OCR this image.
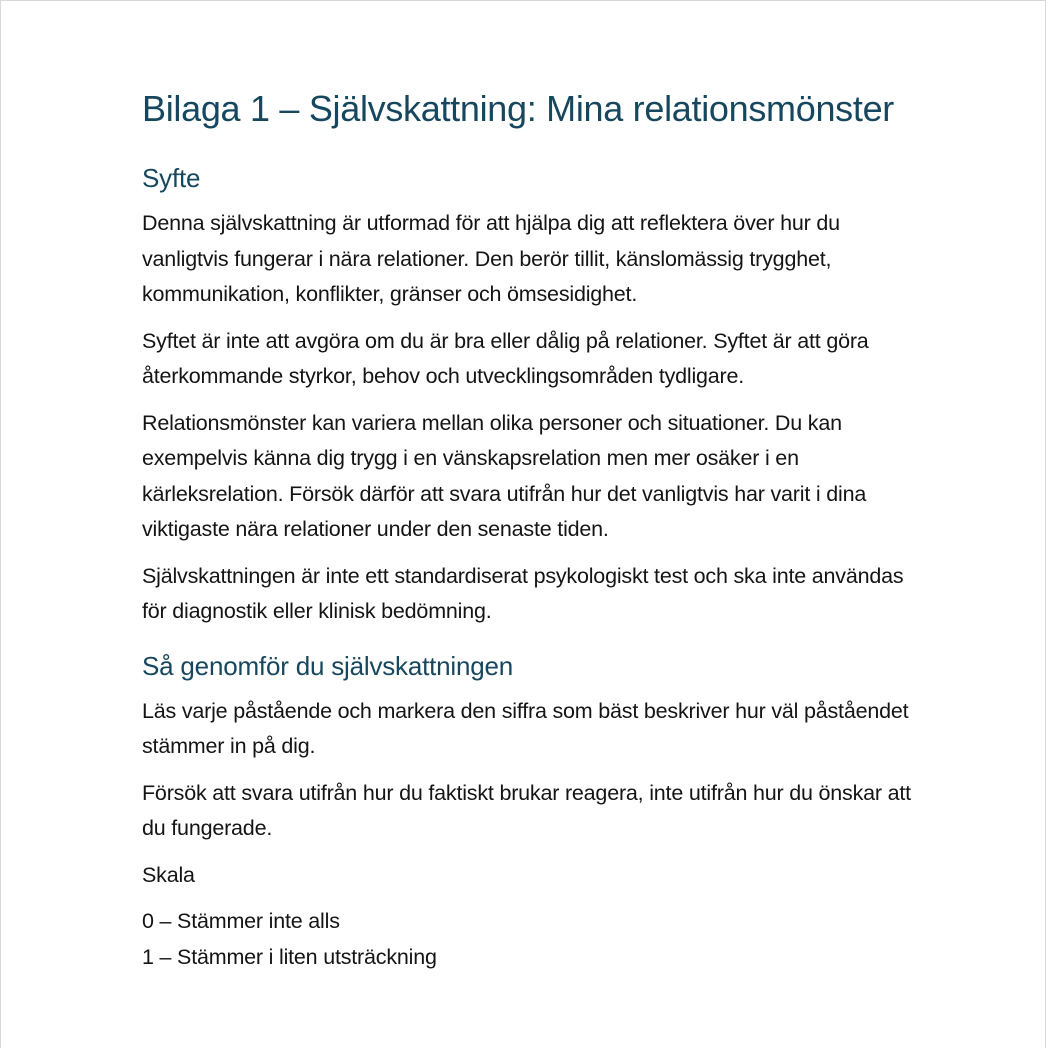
Bilaga 1 – Självskattning: Mina relationsmönster
Syfte

Denna självskattning är utformad för att hjälpa dig att reflektera över hur du vanligtvis fungerar i nära relationer. Den berör tillit, känslomässig trygghet, kommunikation, konflikter, gränser och ömsesidighet.

Syftet är inte att avgöra om du är bra eller dålig på relationer. Syftet är att göra återkommande styrkor, behov och utvecklingsområden tydligare.

Relationsmönster kan variera mellan olika personer och situationer. Du kan exempelvis känna dig trygg i en vänskapsrelation men mer osäker i en kärleksrelation. Försök därför att svara utifrån hur det vanligtvis har varit i dina viktigaste nära relationer under den senaste tiden.

Självskattningen är inte ett standardiserat psykologiskt test och ska inte användas för diagnostik eller klinisk bedömning.

Så genomför du självskattningen

Läs varje påstående och markera den siffra som bäst beskriver hur väl påståendet stämmer in på dig.

Försök att svara utifrån hur du faktiskt brukar reagera, inte utifrån hur du önskar att du fungerade.

Skala

0 – Stämmer inte alls
1 – Stämmer i liten utsträckning
